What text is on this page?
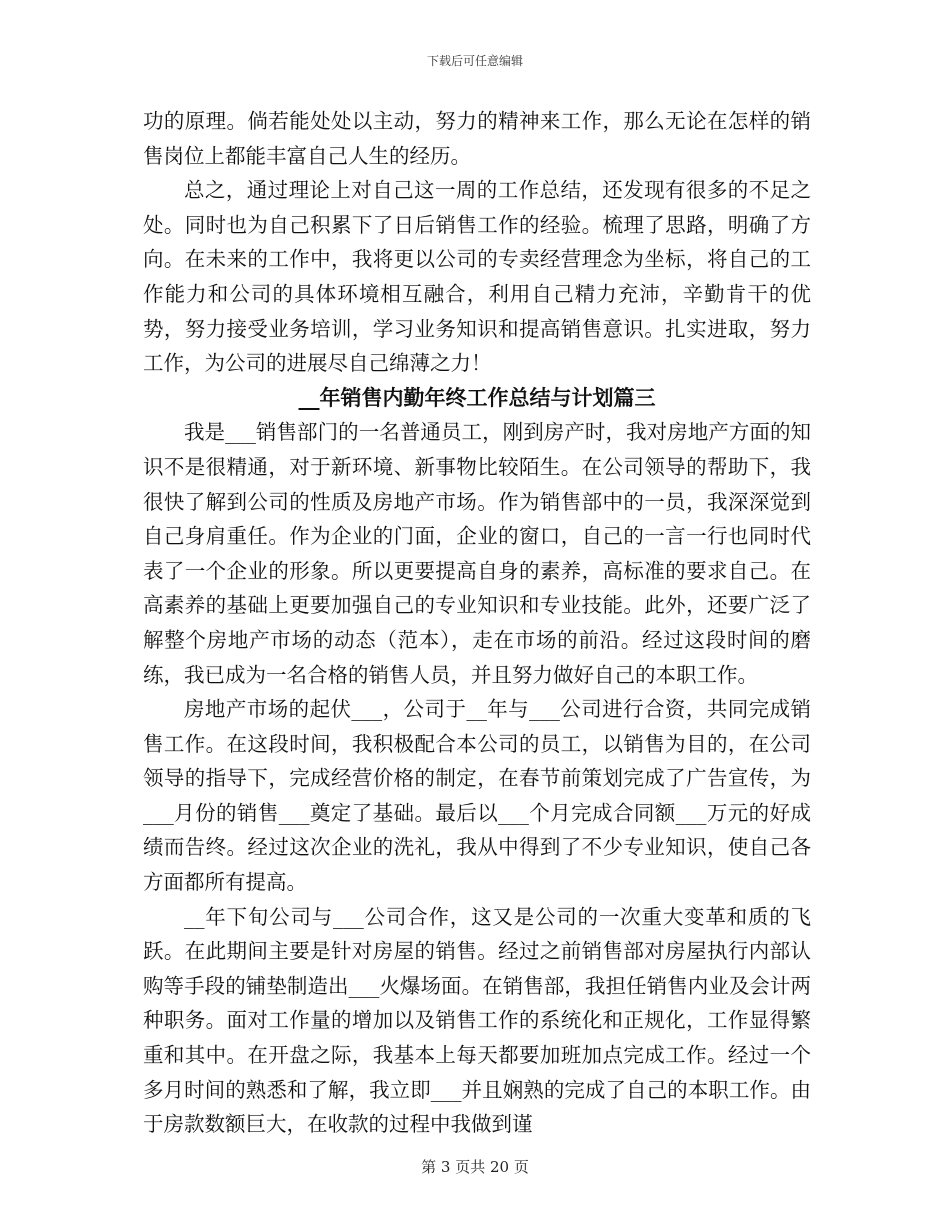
下载后可任意编辑

功的原理。倘若能处处以主动，努力的精神来工作，那么无论在怎样的销售岗位上都能丰富自己人生的经历。

总之，通过理论上对自己这一周的工作总结，还发现有很多的不足之处。同时也为自己积累下了日后销售工作的经验。梳理了思路，明确了方向。在未来的工作中，我将更以公司的专卖经营理念为坐标，将自己的工作能力和公司的具体环境相互融合，利用自己精力充沛，辛勤肯干的优势，努力接受业务培训，学习业务知识和提高销售意识。扎实进取，努力工作，为公司的进展尽自己绵薄之力！

__年销售内勤年终工作总结与计划篇三

我是___销售部门的一名普通员工，刚到房产时，我对房地产方面的知识不是很精通，对于新环境、新事物比较陌生。在公司领导的帮助下，我很快了解到公司的性质及房地产市场。作为销售部中的一员，我深深觉到自己身肩重任。作为企业的门面，企业的窗口，自己的一言一行也同时代表了一个企业的形象。所以更要提高自身的素养，高标准的要求自己。在高素养的基础上更要加强自己的专业知识和专业技能。此外，还要广泛了解整个房地产市场的动态（范本），走在市场的前沿。经过这段时间的磨练，我已成为一名合格的销售人员，并且努力做好自己的本职工作。

房地产市场的起伏___，公司于__年与___公司进行合资，共同完成销售工作。在这段时间，我积极配合本公司的员工，以销售为目的，在公司领导的指导下，完成经营价格的制定，在春节前策划完成了广告宣传，为___月份的销售___奠定了基础。最后以___个月完成合同额___万元的好成绩而告终。经过这次企业的洗礼，我从中得到了不少专业知识，使自己各方面都所有提高。

__年下旬公司与___公司合作，这又是公司的一次重大变革和质的飞跃。在此期间主要是针对房屋的销售。经过之前销售部对房屋执行内部认购等手段的铺垫制造出___火爆场面。在销售部，我担任销售内业及会计两种职务。面对工作量的增加以及销售工作的系统化和正规化，工作显得繁重和其中。在开盘之际，我基本上每天都要加班加点完成工作。经过一个多月时间的熟悉和了解，我立即___并且娴熟的完成了自己的本职工作。由于房款数额巨大，在收款的过程中我做到谨

第 3 页共 20 页
